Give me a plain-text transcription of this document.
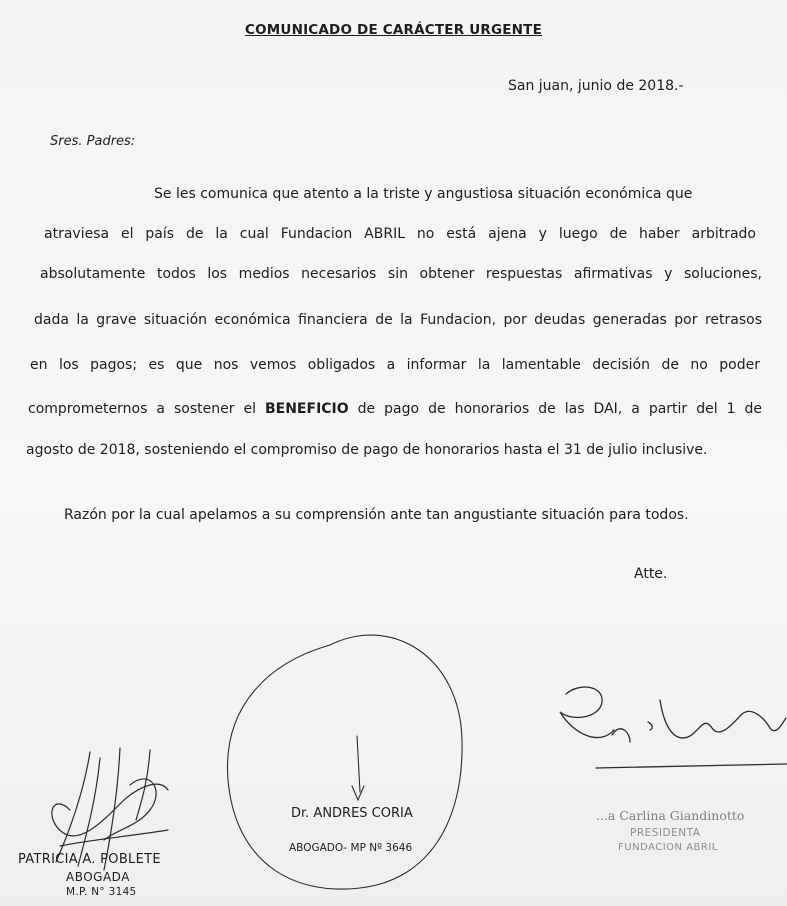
COMUNICADO DE CARÁCTER URGENTE
San juan, junio de 2018.-
Sres. Padres:
Se les comunica que atento a la triste y angustiosa situación económica que
atraviesa el país de la cual Fundacion ABRIL no está ajena y luego de haber arbitrado
absolutamente todos los medios necesarios sin obtener respuestas afirmativas y soluciones,
dada la grave situación económica financiera de la Fundacion, por deudas generadas por retrasos
en los pagos; es que nos vemos obligados a informar la lamentable decisión de no poder
comprometernos a sostener el BENEFICIO de pago de honorarios de las DAI, a partir del 1 de
agosto de 2018, sosteniendo el compromiso de pago de honorarios hasta el 31 de julio inclusive.
Razón por la cual apelamos a su comprensión ante tan angustiante situación para todos.
Atte.
PATRICIA A. POBLETE
ABOGADA
M.P. N° 3145
Dr. ANDRES CORIA
ABOGADO- MP Nº 3646
...a Carlina Giandinotto
PRESIDENTA
FUNDACION ABRIL
